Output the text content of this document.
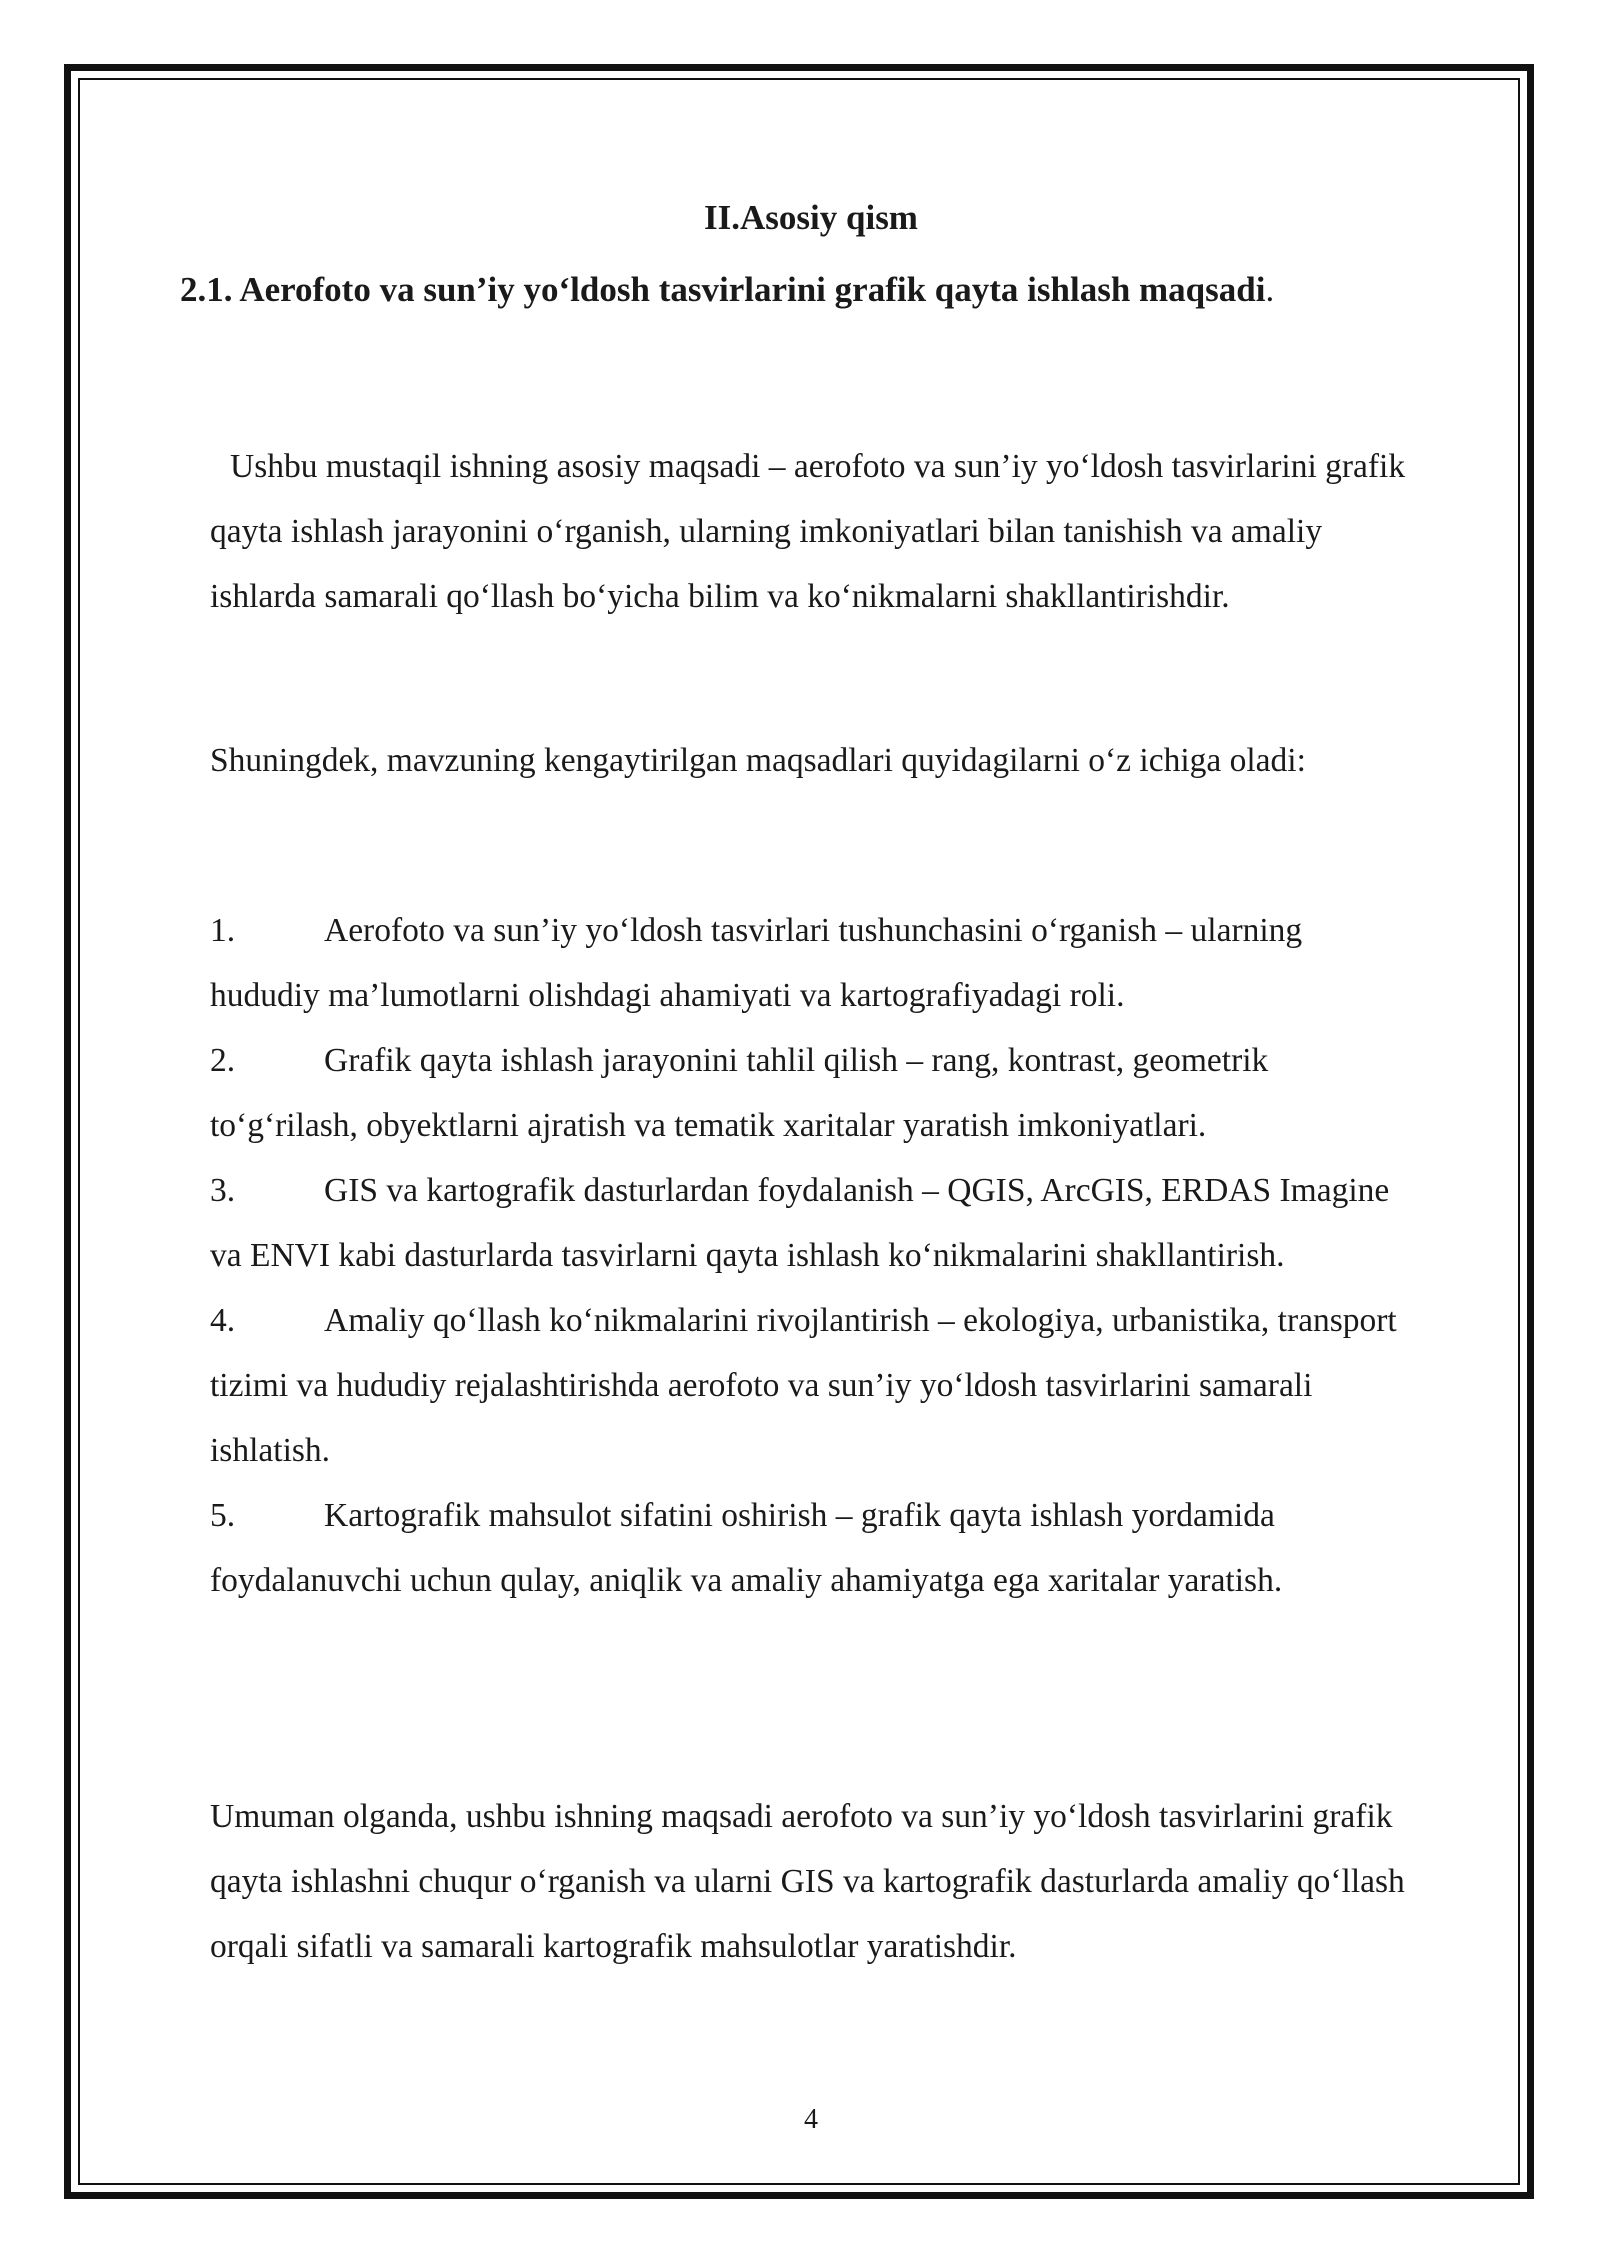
II.Asosiy qism
2.1. Aerofoto va sun’iy yo‘ldosh tasvirlarini grafik qayta ishlash maqsadi.

Ushbu mustaqil ishning asosiy maqsadi – aerofoto va sun’iy yo‘ldosh tasvirlarini grafik qayta ishlash jarayonini o‘rganish, ularning imkoniyatlari bilan tanishish va amaliy ishlarda samarali qo‘llash bo‘yicha bilim va ko‘nikmalarni shakllantirishdir.

Shuningdek, mavzuning kengaytirilgan maqsadlari quyidagilarni o‘z ichiga oladi:

1.	Aerofoto va sun’iy yo‘ldosh tasvirlari tushunchasini o‘rganish – ularning hududiy ma’lumotlarni olishdagi ahamiyati va kartografiyadagi roli.
2.	Grafik qayta ishlash jarayonini tahlil qilish – rang, kontrast, geometrik to‘g‘rilash, obyektlarni ajratish va tematik xaritalar yaratish imkoniyatlari.
3.	GIS va kartografik dasturlardan foydalanish – QGIS, ArcGIS, ERDAS Imagine va ENVI kabi dasturlarda tasvirlarni qayta ishlash ko‘nikmalarini shakllantirish.
4.	Amaliy qo‘llash ko‘nikmalarini rivojlantirish – ekologiya, urbanistika, transport tizimi va hududiy rejalashtirishda aerofoto va sun’iy yo‘ldosh tasvirlarini samarali ishlatish.
5.	Kartografik mahsulot sifatini oshirish – grafik qayta ishlash yordamida foydalanuvchi uchun qulay, aniqlik va amaliy ahamiyatga ega xaritalar yaratish.

Umuman olganda, ushbu ishning maqsadi aerofoto va sun’iy yo‘ldosh tasvirlarini grafik qayta ishlashni chuqur o‘rganish va ularni GIS va kartografik dasturlarda amaliy qo‘llash orqali sifatli va samarali kartografik mahsulotlar yaratishdir.

4
